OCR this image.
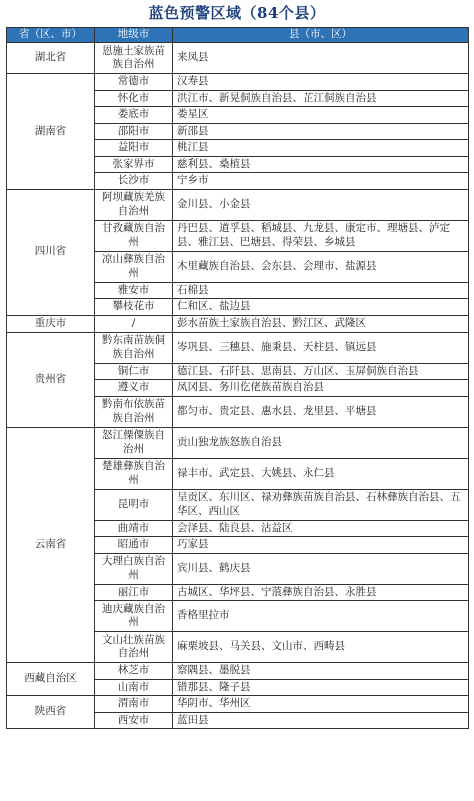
蓝色预警区域（84个县）
省（区、市）	地级市	县（市、区）
湖北省	恩施土家族苗族自治州	来凤县
湖南省	常德市	汉寿县
	怀化市	洪江市、新晃侗族自治县、芷江侗族自治县
	娄底市	娄星区
	邵阳市	新邵县
	益阳市	桃江县
	张家界市	慈利县、桑植县
	长沙市	宁乡市
四川省	阿坝藏族羌族自治州	金川县、小金县
	甘孜藏族自治州	丹巴县、道孚县、稻城县、九龙县、康定市、理塘县、泸定县、雅江县、巴塘县、得荣县、乡城县
	凉山彝族自治州	木里藏族自治县、会东县、会理市、盐源县
	雅安市	石棉县
	攀枝花市	仁和区、盐边县
重庆市	/	彭水苗族土家族自治县、黔江区、武隆区
贵州省	黔东南苗族侗族自治州	岑巩县、三穗县、施秉县、天柱县、镇远县
	铜仁市	德江县、石阡县、思南县、万山区、玉屏侗族自治县
	遵义市	凤冈县、务川仡佬族苗族自治县
	黔南布依族苗族自治州	都匀市、贵定县、惠水县、龙里县、平塘县
云南省	怒江傈僳族自治州	贡山独龙族怒族自治县
	楚雄彝族自治州	禄丰市、武定县、大姚县、永仁县
	昆明市	呈贡区、东川区、禄劝彝族苗族自治县、石林彝族自治县、五华区、西山区
	曲靖市	会泽县、陆良县、沾益区
	昭通市	巧家县
	大理白族自治州	宾川县、鹤庆县
	丽江市	古城区、华坪县、宁蒗彝族自治县、永胜县
	迪庆藏族自治州	香格里拉市
	文山壮族苗族自治州	麻栗坡县、马关县、文山市、西畴县
西藏自治区	林芝市	察隅县、墨脱县
	山南市	错那县、隆子县
陕西省	渭南市	华阴市、华州区
	西安市	蓝田县
